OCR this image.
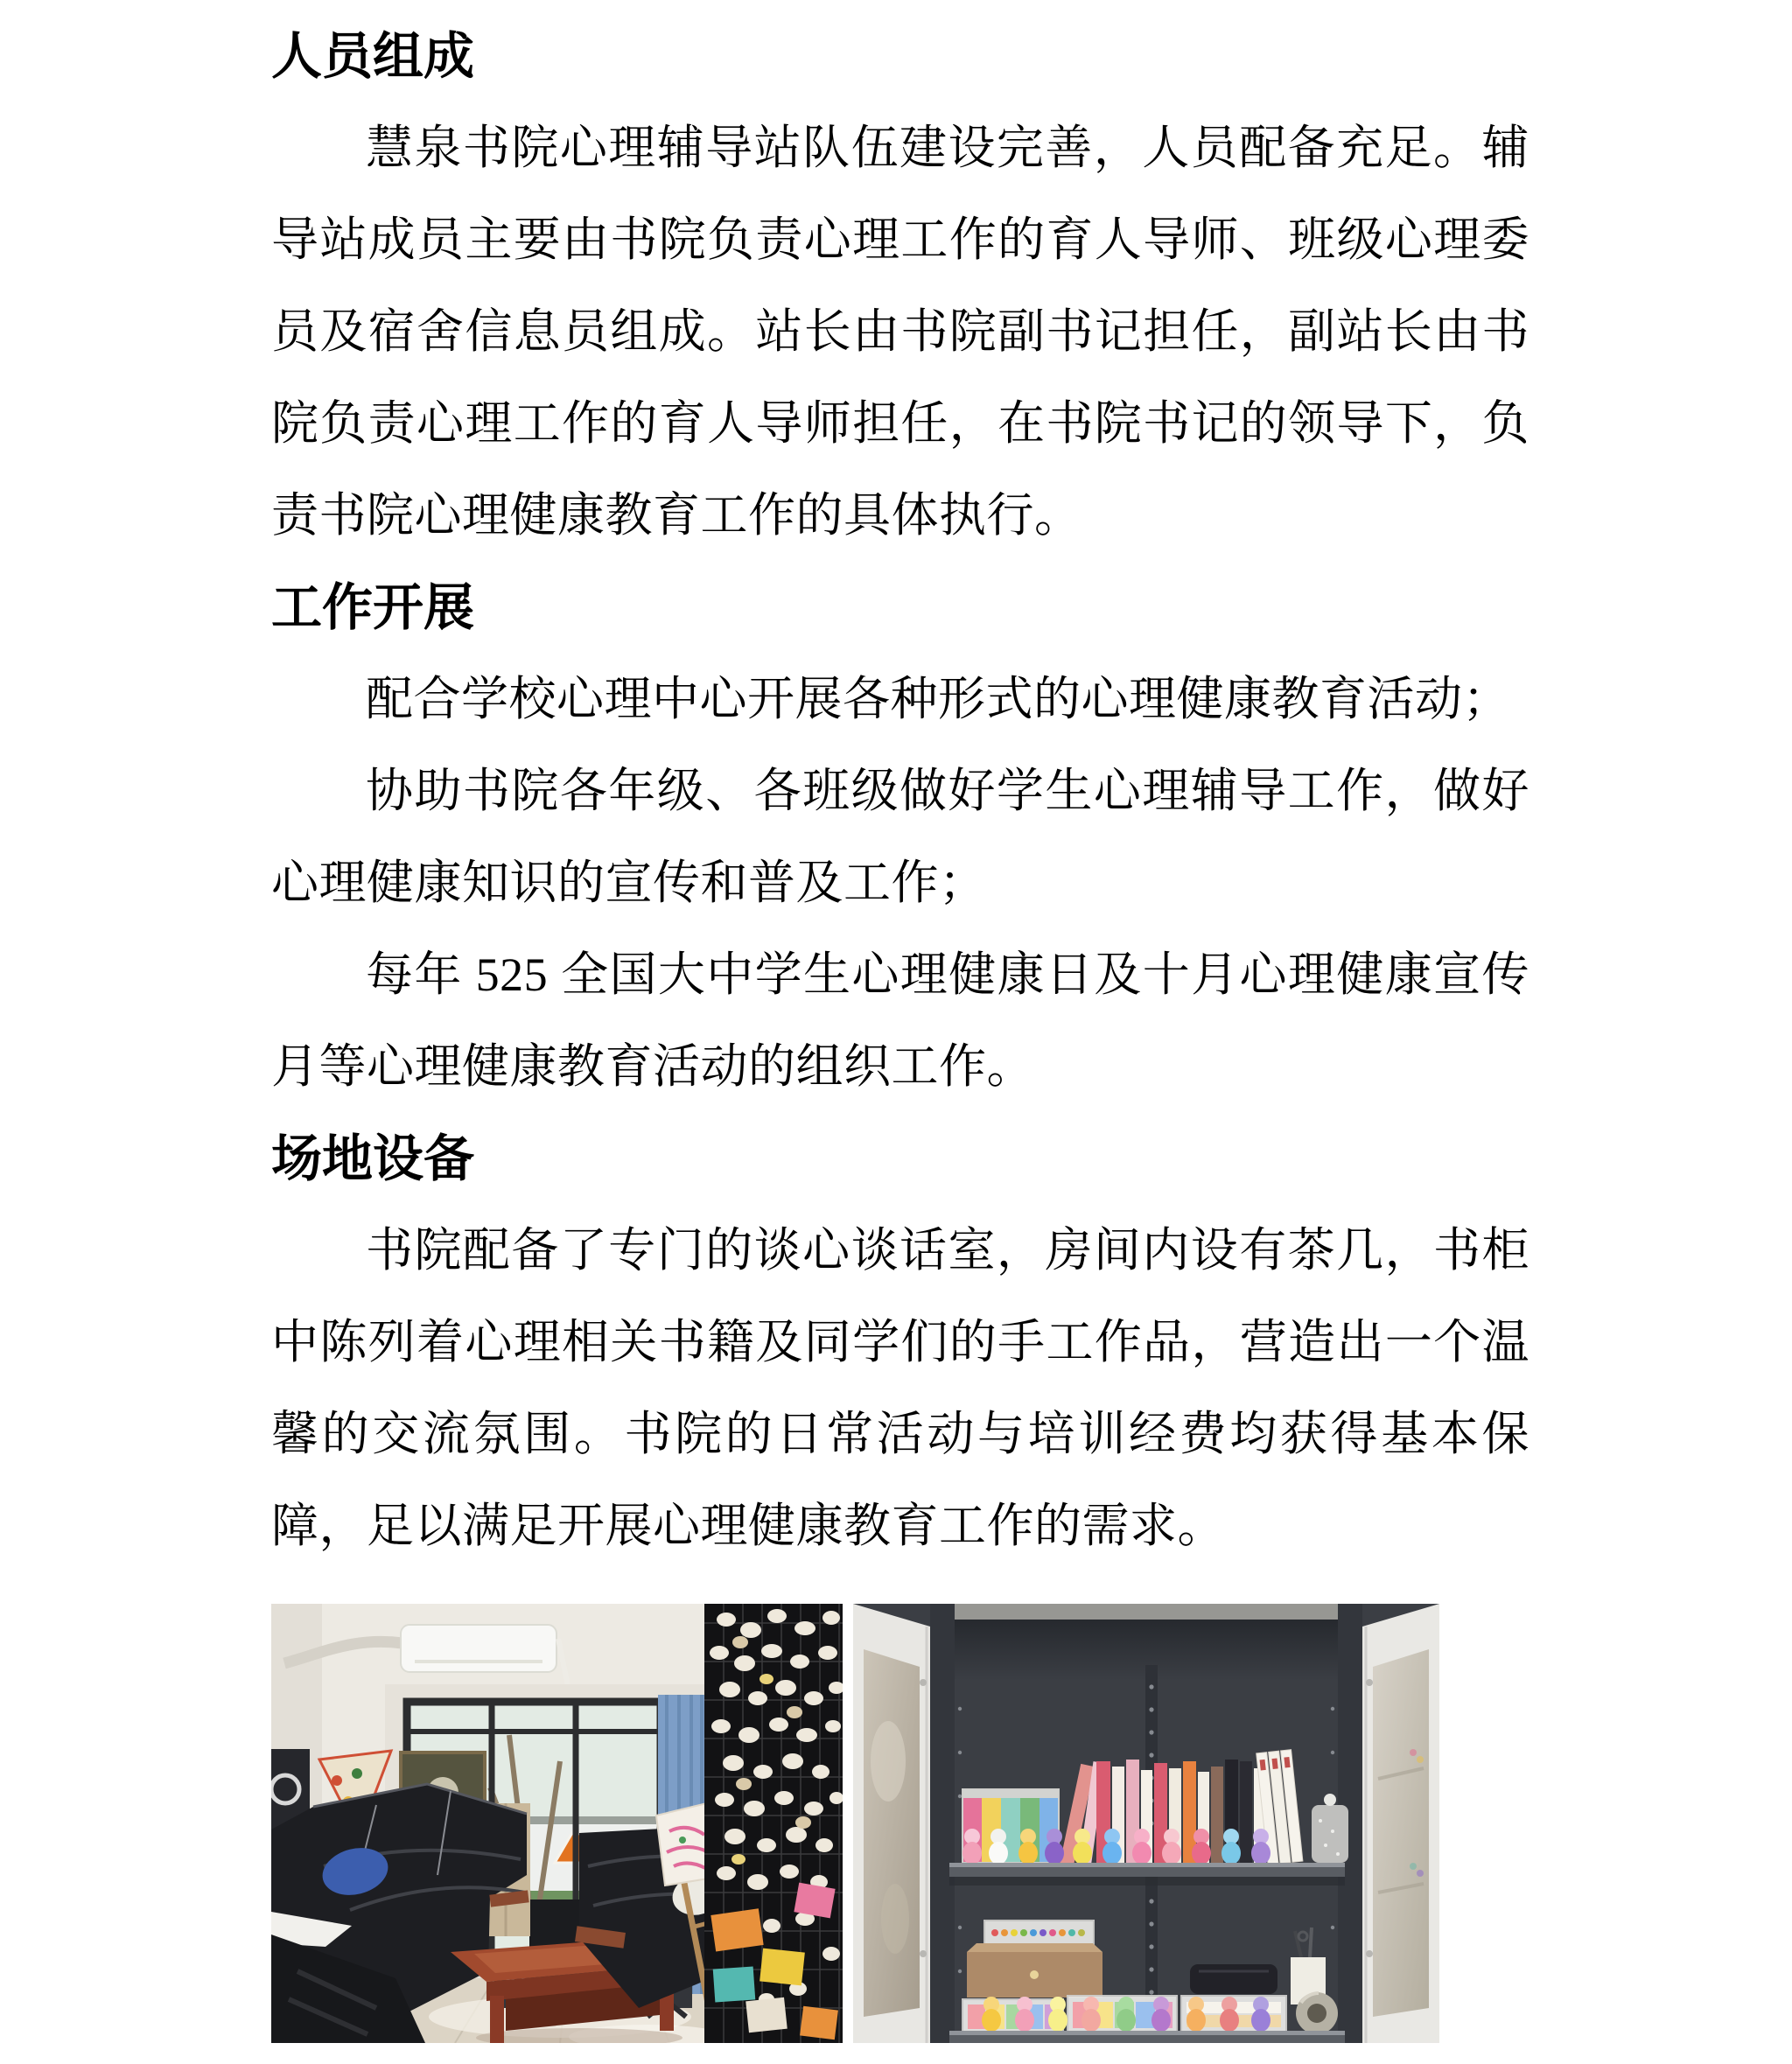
人员组成

慧泉书院心理辅导站队伍建设完善，人员配备充足。辅导站成员主要由书院负责心理工作的育人导师、班级心理委员及宿舍信息员组成。站长由书院副书记担任，副站长由书院负责心理工作的育人导师担任，在书院书记的领导下，负责书院心理健康教育工作的具体执行。

工作开展

配合学校心理中心开展各种形式的心理健康教育活动；

协助书院各年级、各班级做好学生心理辅导工作，做好心理健康知识的宣传和普及工作；

每年 525 全国大中学生心理健康日及十月心理健康宣传月等心理健康教育活动的组织工作。

场地设备

书院配备了专门的谈心谈话室，房间内设有茶几，书柜中陈列着心理相关书籍及同学们的手工作品，营造出一个温馨的交流氛围。书院的日常活动与培训经费均获得基本保障，足以满足开展心理健康教育工作的需求。
